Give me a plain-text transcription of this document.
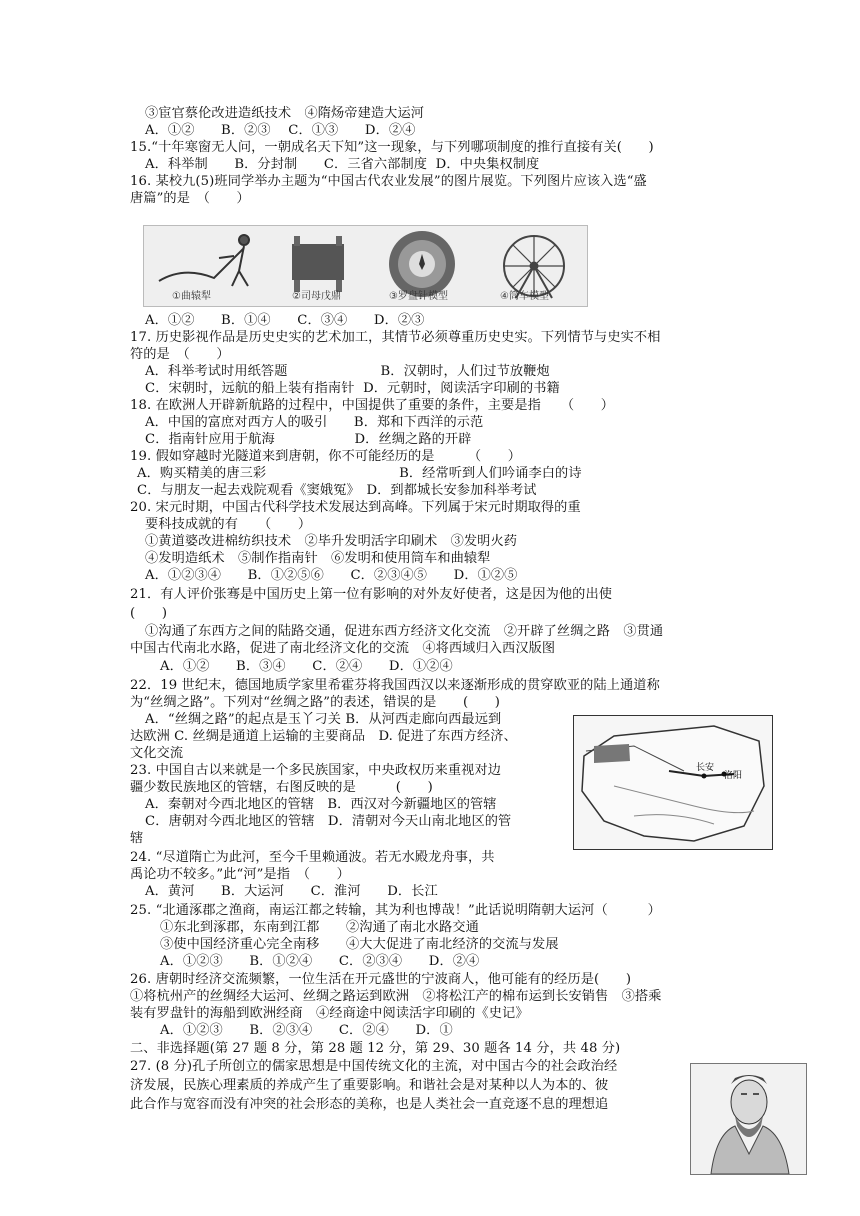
③宦官蔡伦改进造纸技术　④隋炀帝建造大运河
A．①②　　B．②③　 C．①③　　D．②④
15.“十年寒窗无人问，一朝成名天下知”这一现象，与下列哪项制度的推行直接有关(　　)
A．科举制　　B．分封制　　C．三省六部制度  D．中央集权制度
16. 某校九(5)班同学举办主题为“中国古代农业发展”的图片展览。下列图片应该入选“盛
唐篇”的是　（　　）
①曲辕犁	②司母戊鼎	③罗盘针模型	④筒车模型
A．①②　　B．①④　　C．③④　　D．②③
17. 历史影视作品是历史史实的艺术加工，其情节必须尊重历史史实。下列情节与史实不相
符的是　（　　）
A．科举考试时用纸答题　　　　　　　B．汉朝时，人们过节放鞭炮
C．宋朝时，远航的船上装有指南针  D．元朝时，阅读活字印刷的书籍
18. 在欧洲人开辟新航路的过程中，中国提供了重要的条件，主要是指　　（　　）
A．中国的富庶对西方人的吸引　　B．郑和下西洋的示范
C．指南针应用于航海　　　　　　D．丝绸之路的开辟
19. 假如穿越时光隧道来到唐朝，你不可能经历的是　　　（　　）
A．购买精美的唐三彩　　　　　　　　　　B．经常听到人们吟诵李白的诗
C．与朋友一起去戏院观看《窦娥冤》　D．到都城长安参加科举考试
20. 宋元时期，中国古代科学技术发展达到高峰。下列属于宋元时期取得的重
要科技成就的有　　（　　）
①黄道婆改进棉纺织技术　②毕升发明活字印刷术　③发明火药
④发明造纸术　⑤制作指南针　⑥发明和使用筒车和曲辕犁
A．①②③④　　B．①②⑤⑥　　C．②③④⑤　　D．①②⑤
21．有人评价张骞是中国历史上第一位有影响的对外友好使者，这是因为他的出使
(　　)
①沟通了东西方之间的陆路交通，促进东西方经济文化交流　②开辟了丝绸之路　③贯通
中国古代南北水路，促进了南北经济文化的交流　④将西域归入西汉版图
A．①②　　B．③④　　C．②④　　D．①②④
22．19 世纪末，德国地质学家里希霍芬将我国西汉以来逐渐形成的贯穿欧亚的陆上通道称
为“丝绸之路”。下列对“丝绸之路”的表述，错误的是　　(　　)
A．“丝绸之路”的起点是玉丫刁关 B．从河西走廊向西最远到
达欧洲 C. 丝绸是通道上运输的主要商品　D. 促进了东西方经济、
文化交流
23. 中国自古以来就是一个多民族国家，中央政权历来重视对边
疆少数民族地区的管辖，右图反映的是　　　(　　)
A．秦朝对今西北地区的管辖　B．西汉对今新疆地区的管辖
C．唐朝对今西北地区的管辖　D．清朝对今天山南北地区的管
辖
长安
洛阳
24. “尽道隋亡为此河，至今千里赖通波。若无水殿龙舟事，共
禹论功不较多。”此“河”是指　（　　）
A．黄河　　B．大运河　　C．淮河　　D．长江
25. “北通涿郡之渔商，南运江都之转输，其为利也博哉！”此话说明隋朝大运河（　　　）
①东北到涿郡，东南到江都　　②沟通了南北水路交通
③使中国经济重心完全南移　　④大大促进了南北经济的交流与发展
A．①②③　　B．①②④　　C．②③④　　D．②④
26. 唐朝时经济交流频繁，一位生活在开元盛世的宁波商人，他可能有的经历是(　　)
①将杭州产的丝绸经大运河、丝绸之路运到欧洲　②将松江产的棉布运到长安销售　③搭乘
装有罗盘针的海船到欧洲经商　④经商途中阅读活字印刷的《史记》
A．①②③　　B．②③④　　C．②④　　D．①
二、非选择题(第 27 题 8 分，第 28 题 12 分，第 29、30 题各 14 分，共 48 分)
27. (8 分)孔子所创立的儒家思想是中国传统文化的主流，对中国古今的社会政治经
济发展，民族心理素质的养成产生了重要影响。和谐社会是对某种以人为本的、彼
此合作与宽容而没有冲突的社会形态的美称，也是人类社会一直竞逐不息的理想追
